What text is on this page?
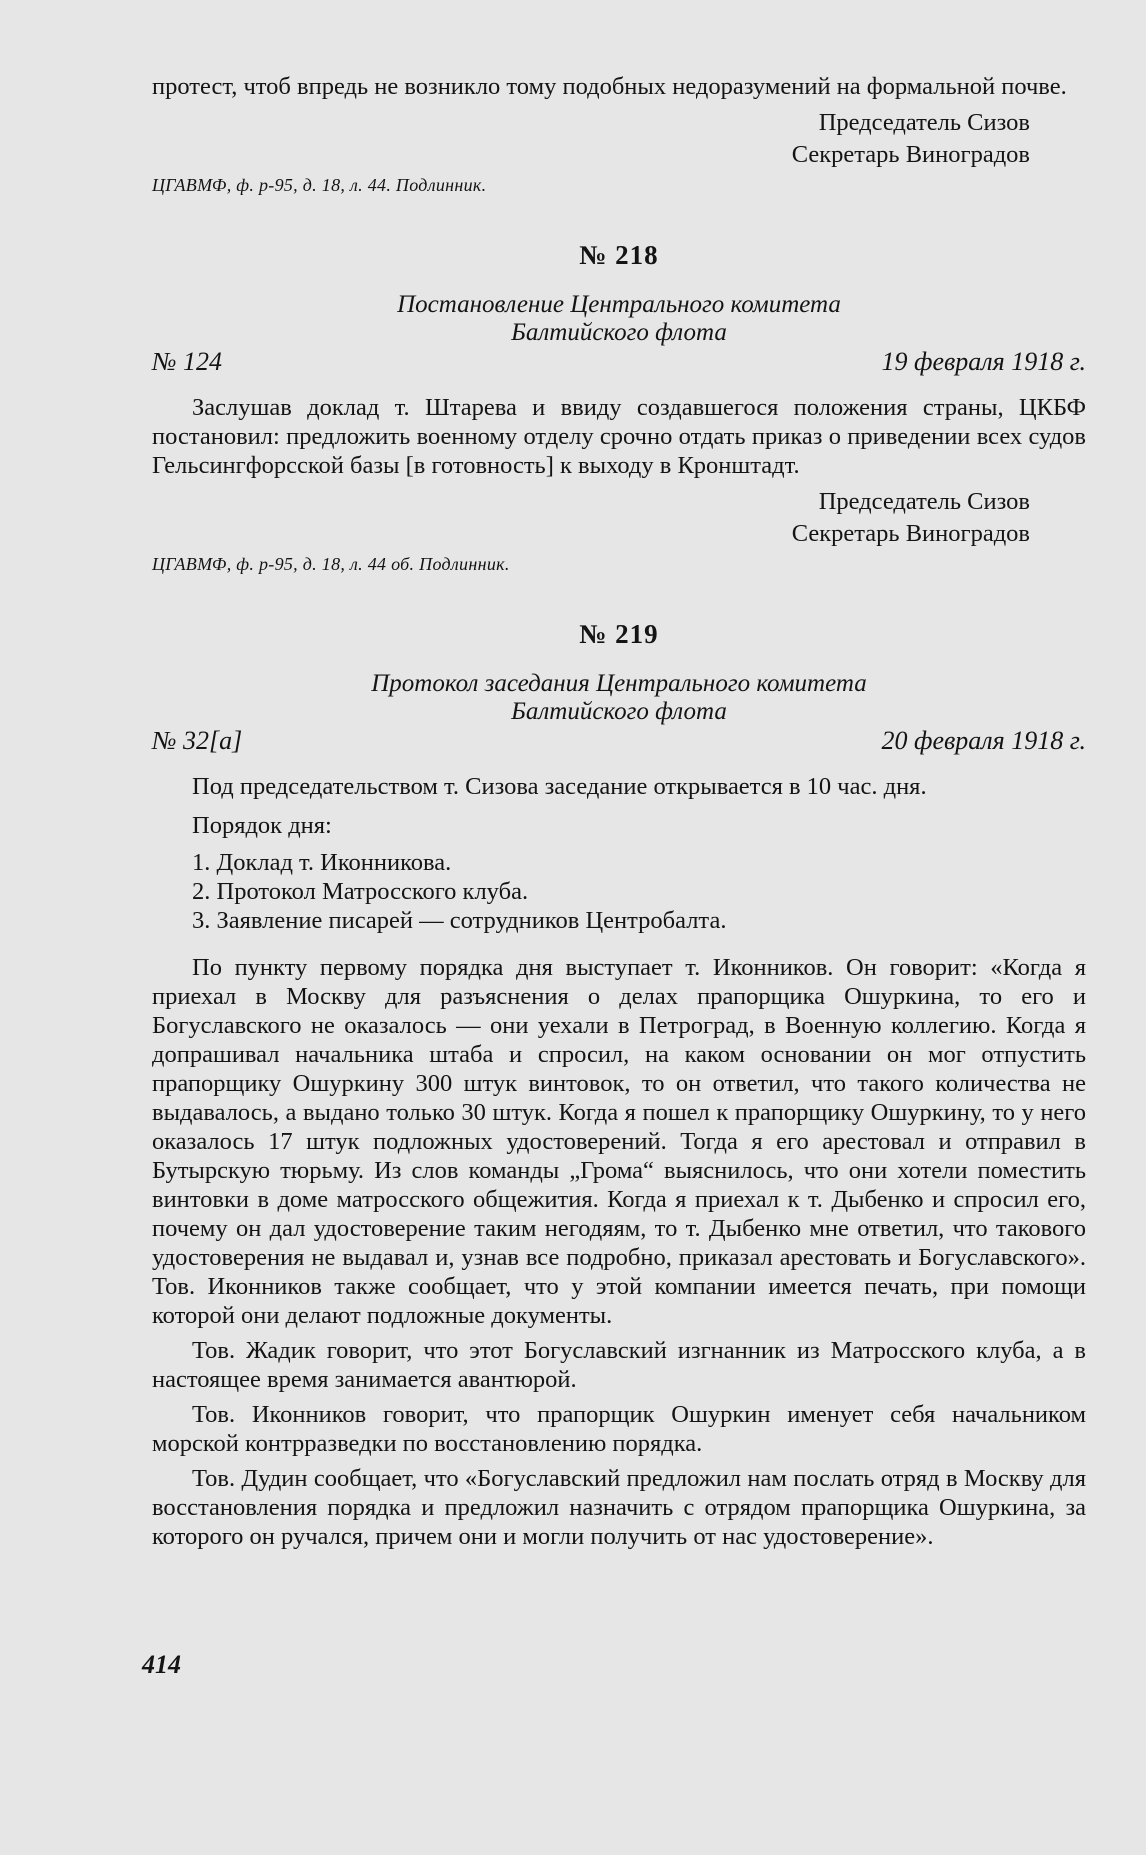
протест, чтоб впредь не возникло тому подобных недоразумений на формальной почве.

Председатель Сизов
Секретарь Виноградов

ЦГАВМФ, ф. р-95, д. 18, л. 44. Подлинник.

№ 218
Постановление Центрального комитета
Балтийского флота
№ 124	19 февраля 1918 г.

Заслушав доклад т. Штарева и ввиду создавшегося положения страны, ЦКБФ постановил: предложить военному отделу срочно отдать приказ о приведении всех судов Гельсингфорсской базы [в готовность] к выходу в Кронштадт.

Председатель Сизов
Секретарь Виноградов

ЦГАВМФ, ф. р-95, д. 18, л. 44 об. Подлинник.

№ 219
Протокол заседания Центрального комитета
Балтийского флота
№ 32[а]	20 февраля 1918 г.

Под председательством т. Сизова заседание открывается в 10 час. дня.

Порядок дня:

1. Доклад т. Иконникова.
2. Протокол Матросского клуба.
3. Заявление писарей — сотрудников Центробалта.

По пункту первому порядка дня выступает т. Иконников. Он говорит: «Когда я приехал в Москву для разъяснения о делах прапорщика Ошуркина, то его и Богуславского не оказалось — они уехали в Петроград, в Военную коллегию. Когда я допрашивал начальника штаба и спросил, на каком основании он мог отпустить прапорщику Ошуркину 300 штук винтовок, то он ответил, что такого количества не выдавалось, а выдано только 30 штук. Когда я пошел к прапорщику Ошуркину, то у него оказалось 17 штук подложных удостоверений. Тогда я его арестовал и отправил в Бутырскую тюрьму. Из слов команды „Грома“ выяснилось, что они хотели поместить винтовки в доме матросского общежития. Когда я приехал к т. Дыбенко и спросил его, почему он дал удостоверение таким негодяям, то т. Дыбенко мне ответил, что такового удостоверения не выдавал и, узнав все подробно, приказал арестовать и Богуславского». Тов. Иконников также сообщает, что у этой компании имеется печать, при помощи которой они делают подложные документы.

Тов. Жадик говорит, что этот Богуславский изгнанник из Матросского клуба, а в настоящее время занимается авантюрой.

Тов. Иконников говорит, что прапорщик Ошуркин именует себя начальником морской контрразведки по восстановлению порядка.

Тов. Дудин сообщает, что «Богуславский предложил нам послать отряд в Москву для восстановления порядка и предложил назначить с отрядом прапорщика Ошуркина, за которого он ручался, причем они и могли получить от нас удостоверение».

414
